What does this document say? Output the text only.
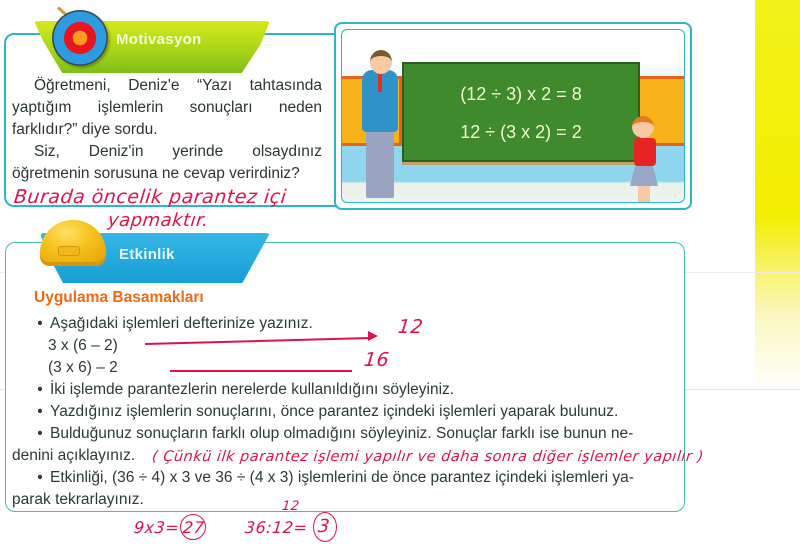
Motivasyon

Öğretmeni, Deniz'e “Yazı tahtasında yaptığım işlemlerin sonuçları neden farklıdır?” diye sordu.

Siz, Deniz'in yerinde olsaydınız öğretmenin sorusuna ne cevap verirdiniz?

Burada öncelik parantez içi
yapmaktır.
(12 ÷ 3) x 2 = 8
12 ÷ (3 x 2) = 2
Etkinlik
Uygulama Basamakları
• Aşağıdaki işlemleri defterinize yazınız.
3 x (6 – 2)
(3 x 6) – 2
• İki işlemde parantezlerin nerelerde kullanıldığını söyleyiniz.
• Yazdığınız işlemlerin sonuçlarını, önce parantez içindeki işlemleri yaparak bulunuz.
• Bulduğunuz sonuçların farklı olup olmadığını söyleyiniz. Sonuçlar farklı ise bunun ne-
denini açıklayınız.
• Etkinliği, (36 ÷ 4) x 3 ve 36 ÷ (4 x 3) işlemlerini de önce parantez içindeki işlemleri ya-
parak tekrarlayınız.
12
16
( Çünkü ilk parantez işlemi yapılır ve daha sonra diğer işlemler yapılır )
12
9x3= 27 36:12= 3
